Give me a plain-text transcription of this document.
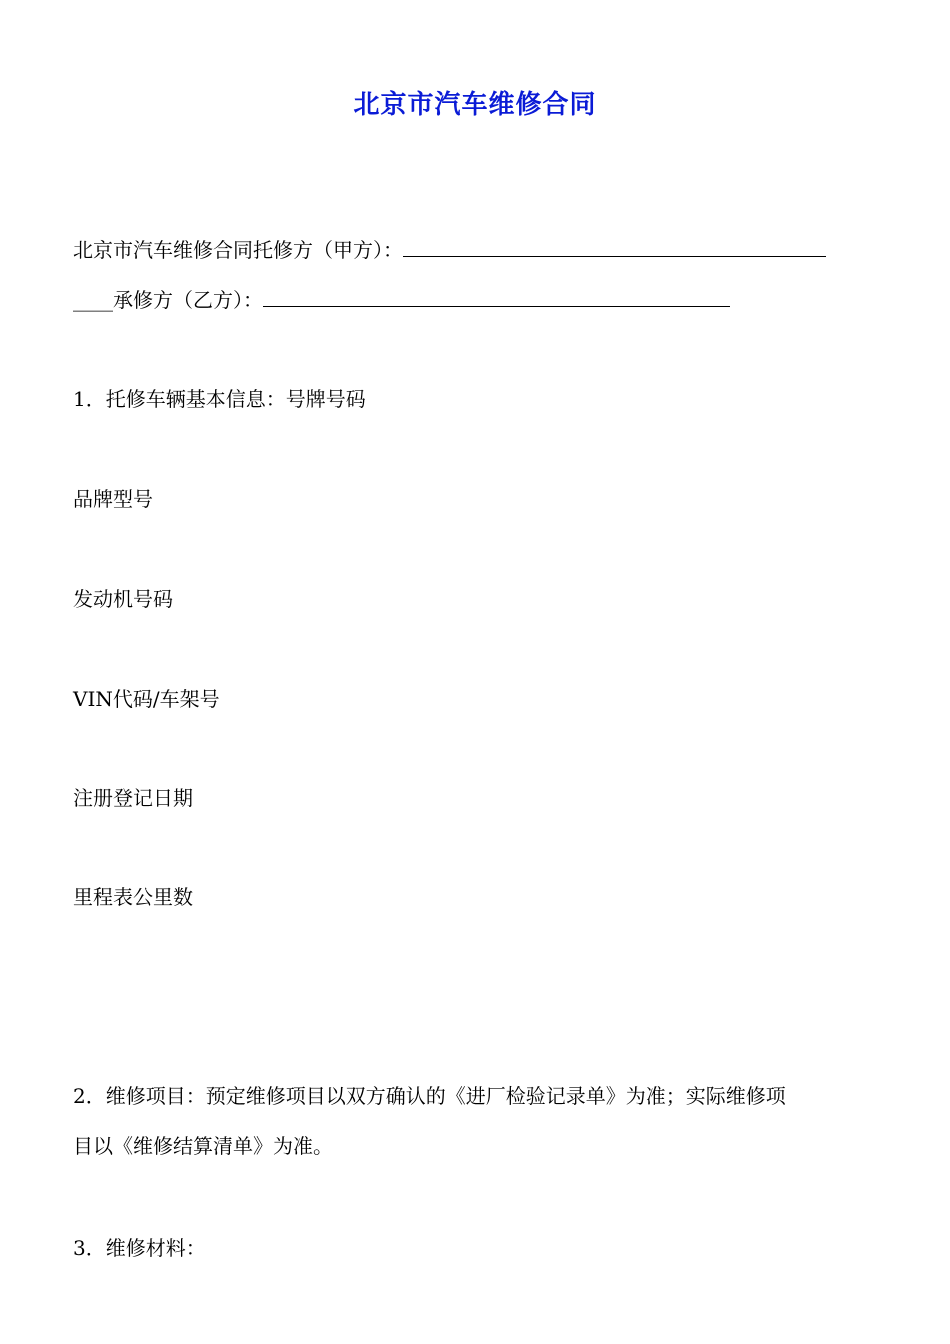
北京市汽车维修合同
北京市汽车维修合同托修方（甲方）：
____承修方（乙方）：
1．托修车辆基本信息：号牌号码
品牌型号
发动机号码
VIN代码/车架号
注册登记日期
里程表公里数
2．维修项目：预定维修项目以双方确认的《进厂检验记录单》为准；实际维修项
目以《维修结算清单》为准。
3．维修材料：
